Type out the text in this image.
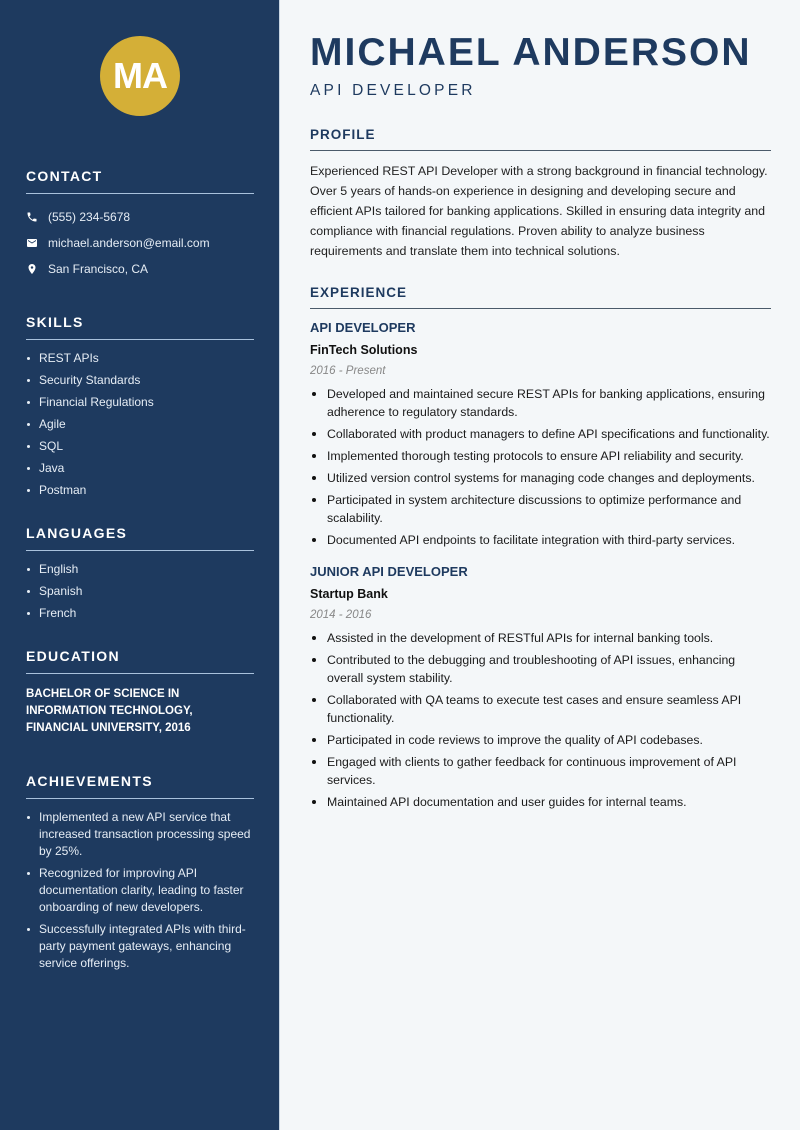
MA
CONTACT
(555) 234-5678
michael.anderson@email.com
San Francisco, CA
SKILLS
REST APIs
Security Standards
Financial Regulations
Agile
SQL
Java
Postman
LANGUAGES
English
Spanish
French
EDUCATION

BACHELOR OF SCIENCE IN INFORMATION TECHNOLOGY, FINANCIAL UNIVERSITY, 2016

ACHIEVEMENTS
Implemented a new API service that increased transaction processing speed by 25%.
Recognized for improving API documentation clarity, leading to faster onboarding of new developers.
Successfully integrated APIs with third-party payment gateways, enhancing service offerings.
MICHAEL ANDERSON
API DEVELOPER
PROFILE

Experienced REST API Developer with a strong background in financial technology. Over 5 years of hands-on experience in designing and developing secure and efficient APIs tailored for banking applications. Skilled in ensuring data integrity and compliance with financial regulations. Proven ability to analyze business requirements and translate them into technical solutions.

EXPERIENCE
API DEVELOPER
FinTech Solutions
2016 - Present
Developed and maintained secure REST APIs for banking applications, ensuring adherence to regulatory standards.
Collaborated with product managers to define API specifications and functionality.
Implemented thorough testing protocols to ensure API reliability and security.
Utilized version control systems for managing code changes and deployments.
Participated in system architecture discussions to optimize performance and scalability.
Documented API endpoints to facilitate integration with third-party services.
JUNIOR API DEVELOPER
Startup Bank
2014 - 2016
Assisted in the development of RESTful APIs for internal banking tools.
Contributed to the debugging and troubleshooting of API issues, enhancing overall system stability.
Collaborated with QA teams to execute test cases and ensure seamless API functionality.
Participated in code reviews to improve the quality of API codebases.
Engaged with clients to gather feedback for continuous improvement of API services.
Maintained API documentation and user guides for internal teams.
